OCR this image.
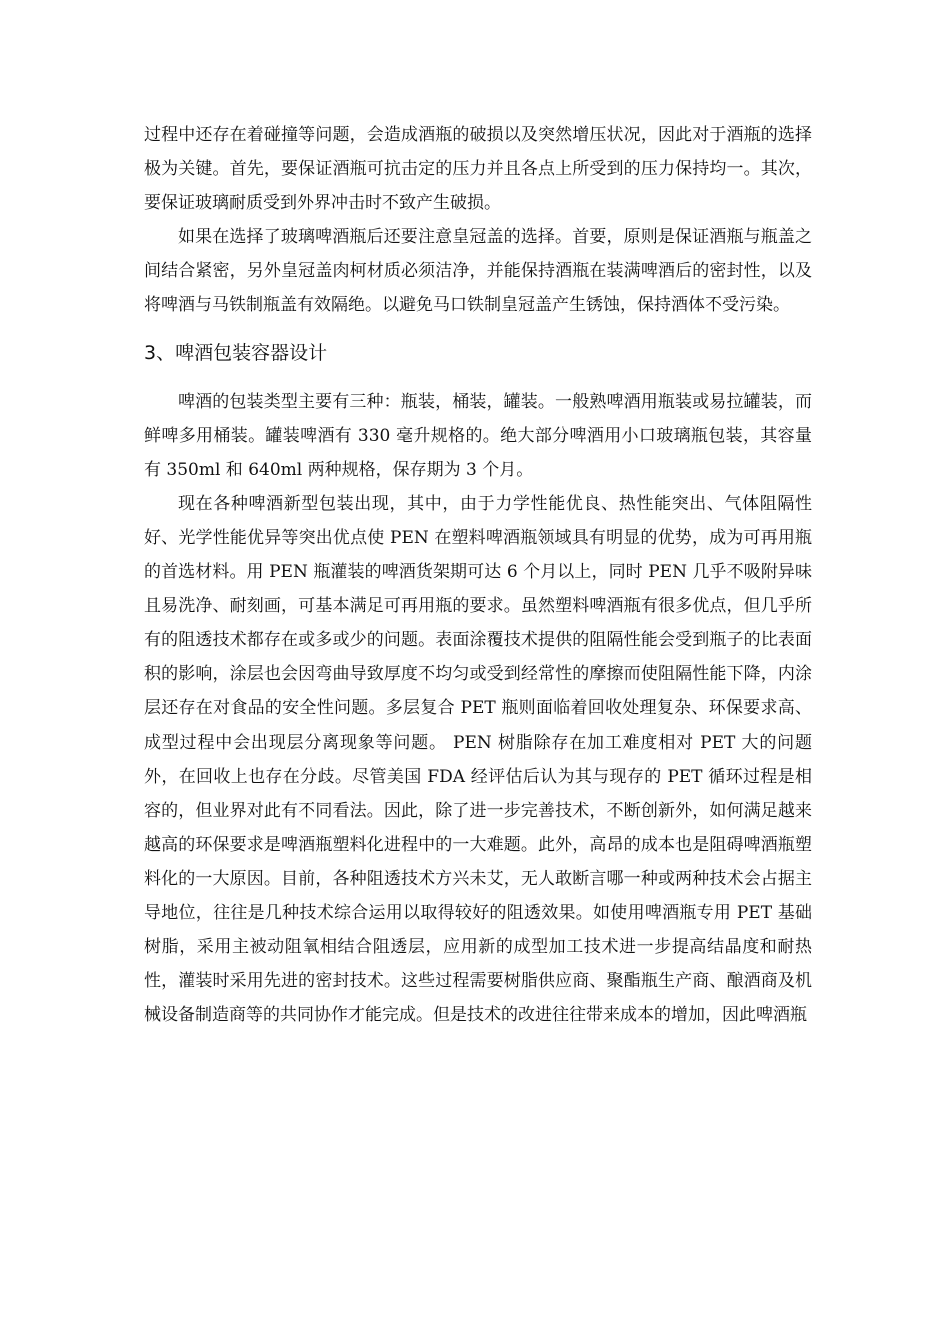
过程中还存在着碰撞等问题，会造成酒瓶的破损以及突然增压状况，因此对于酒瓶的选择极为关键。首先，要保证酒瓶可抗击定的压力并且各点上所受到的压力保持均一。其次，要保证玻璃耐质受到外界冲击时不致产生破损。

如果在选择了玻璃啤酒瓶后还要注意皇冠盖的选择。首要，原则是保证酒瓶与瓶盖之间结合紧密，另外皇冠盖肉柯材质必须洁净，并能保持酒瓶在装满啤酒后的密封性，以及将啤酒与马铁制瓶盖有效隔绝。以避免马口铁制皇冠盖产生锈蚀，保持酒体不受污染。

3、啤酒包装容器设计

啤酒的包装类型主要有三种：瓶装，桶装，罐装。一般熟啤酒用瓶装或易拉罐装，而鲜啤多用桶装。罐装啤酒有 330 毫升规格的。绝大部分啤酒用小口玻璃瓶包装，其容量有 350ml 和 640ml 两种规格，保存期为 3 个月。

现在各种啤酒新型包装出现，其中，由于力学性能优良、热性能突出、气体阻隔性好、光学性能优异等突出优点使 PEN 在塑料啤酒瓶领域具有明显的优势，成为可再用瓶的首选材料。用 PEN 瓶灌装的啤酒货架期可达 6 个月以上，同时 PEN 几乎不吸附异味且易洗净、耐刻画，可基本满足可再用瓶的要求。虽然塑料啤酒瓶有很多优点，但几乎所有的阻透技术都存在或多或少的问题。表面涂覆技术提供的阻隔性能会受到瓶子的比表面积的影响，涂层也会因弯曲导致厚度不均匀或受到经常性的摩擦而使阻隔性能下降，内涂层还存在对食品的安全性问题。多层复合 PET 瓶则面临着回收处理复杂、环保要求高、成型过程中会出现层分离现象等问题。 PEN 树脂除存在加工难度相对 PET 大的问题外，在回收上也存在分歧。尽管美国 FDA 经评估后认为其与现存的 PET 循环过程是相容的，但业界对此有不同看法。因此，除了进一步完善技术，不断创新外，如何满足越来越高的环保要求是啤酒瓶塑料化进程中的一大难题。此外，高昂的成本也是阻碍啤酒瓶塑料化的一大原因。目前，各种阻透技术方兴未艾，无人敢断言哪一种或两种技术会占据主导地位，往往是几种技术综合运用以取得较好的阻透效果。如使用啤酒瓶专用 PET 基础树脂，采用主被动阻氧相结合阻透层，应用新的成型加工技术进一步提高结晶度和耐热性，灌装时采用先进的密封技术。这些过程需要树脂供应商、聚酯瓶生产商、酿酒商及机械设备制造商等的共同协作才能完成。但是技术的改进往往带来成本的增加，因此啤酒瓶
